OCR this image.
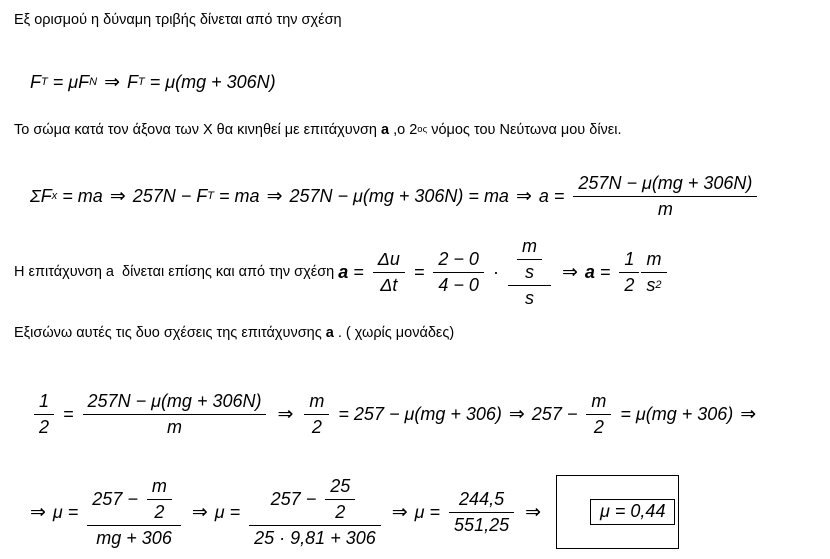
Εξ ορισμού η δύναμη τριβής δίνεται από την σχέση
F T = μF N ⇒ F T = μ(mg + 306N)
Το σώμα κατά τον άξονα των Χ θα κινηθεί με επιτάχυνση a ,ο 2 ος νόμος του Νεύτωνα μου δίνει.
ΣF x = ma ⇒ 257N − F T = ma ⇒ 257N − μ(mg + 306N) = ma ⇒ $a = \frac{257N - \mu(mg + 306N)}{m}$
Η επιτάχυνση a  δίνεται επίσης και από την σχέση $a = \frac{\Delta u}{\Delta t} = \frac{2 - 0}{4 - 0} \cdot \frac{\frac{m}{s}}{s}$ ⇒ $a = \frac{1}{2} \frac{m}{s 2}$
Εξισώνω αυτές τις δυο σχέσεις της επιτάχυνσης a . ( χωρίς μονάδες)
$\frac{1}{2} = \frac{257N - \mu(mg + 306N)}{m}$ ⇒ $\frac{m}{2} = 257 - \mu(mg + 306)$ ⇒ $257 - \frac{m}{2} = \mu(mg + 306)$ ⇒
⇒ $\mu = \frac{257 - \frac{m}{2}}{mg + 306}$ ⇒ $\mu = \frac{257 - \frac{25}{2}}{25 \cdot 9,81 + 306}$ ⇒ $\mu = \frac{244,5}{551,25}$ ⇒	μ = 0,44
